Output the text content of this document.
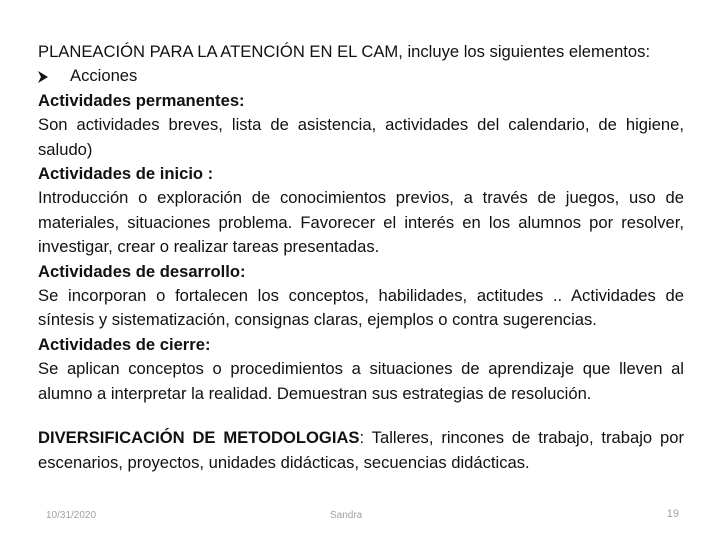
PLANEACIÓN PARA LA ATENCIÓN EN EL CAM, incluye los siguientes elementos:

Acciones

Actividades permanentes:

Son actividades breves, lista de asistencia, actividades del calendario, de higiene, saludo)

Actividades de inicio :

Introducción o exploración de conocimientos previos, a través de juegos, uso de materiales, situaciones problema. Favorecer el interés en los alumnos por resolver, investigar, crear o realizar tareas presentadas.

Actividades de desarrollo:

Se incorporan o fortalecen los conceptos, habilidades, actitudes .. Actividades de síntesis y sistematización, consignas claras, ejemplos o contra sugerencias.

Actividades de cierre:

Se aplican conceptos o procedimientos a situaciones de aprendizaje que lleven al alumno a interpretar la realidad. Demuestran sus estrategias de resolución.

DIVERSIFICACIÓN DE METODOLOGIAS: Talleres, rincones de trabajo, trabajo por escenarios, proyectos, unidades didácticas, secuencias didácticas.

10/31/2020	Sandra	19
